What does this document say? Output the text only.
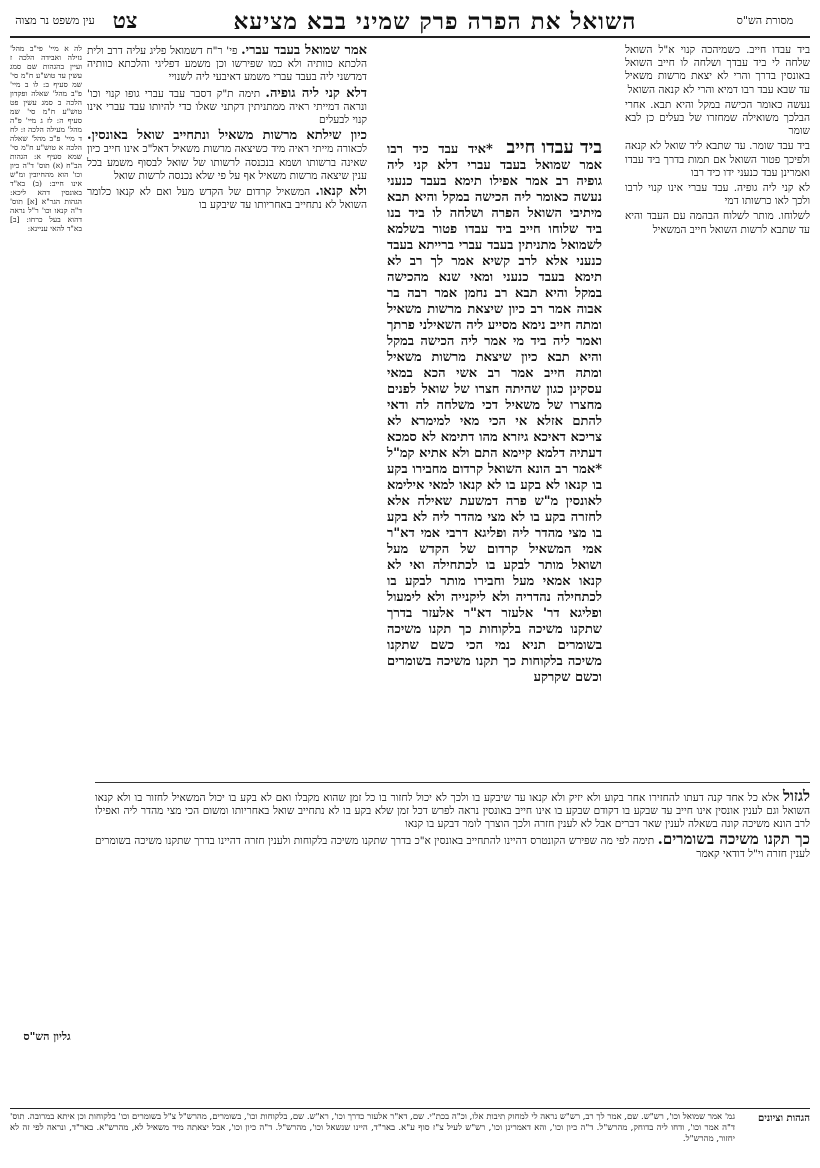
מסורת הש"ס
השואל את הפרה פרק שמיני בבא מציעא
צט
עין משפט נר מצוה

ביד עבדו חייב. כשמיהכה קנוי א"ל השואל שלחה לי ביד עבדך ושלחה לו חייב השואל באונסין בדרך והרי לא יצאת מרשות משאיל עד שבא עבד רבו דמיא והרי לא קנאה השואל

נעשה כאומר הכישה במקל והיא תבא. אחרי הבלכך משואילה שמחזרו של בעלים כן לבא שומר

ביד עבד שומר. עד שתבא ליד שואל לא קנאה ולפיכך פטור השואל אם תמות בדרך ביד עבדו ואמרינן עבד כנעני ידו כיד רבו

לא קני ליה גופיה. עבד עברי אינו קנוי לרבו ולכך לאו כרשותו דמי

לשלוחו. מותר לשלוח הבהמה עם העבד והיא עד שתבא לרשות השואל חייב המשאיל

ביד עבדו חייב *איד עבד כיד רבו אמר שמואל בעבד עברי דלא קני ליה גופיה רב אמר אפילו תימא בעבד כנעני נעשה כאומר ליה הכישה במקל והיא תבא מיתיבי השואל הפרה ושלחה לו ביד בנו ביד שלוחו חייב ביד עבדו פטור בשלמא לשמואל מתניתין בעבד עברי ברייתא בעבד כנעני אלא לרב קשיא אמר לך רב לא תימא בעבד כנעני ומאי שנא מהכישה במקל והיא תבא רב נחמן אמר רבה בר אבוה אמר רב כיון שיצאת מרשות משאיל ומתה חייב נימא מסייע ליה השאילני פרתך ואמר ליה ביד מי אמר ליה הכישה במקל והיא תבא כיון שיצאת מרשות משאיל ומתה חייב אמר רב אשי הכא במאי עסקינן כגון שהיתה חצרו של שואל לפנים מחצרו של משאיל דכי משלחה לה ודאי להתם אזלא אי הכי מאי למימרא לא צריכא דאיכא גיזרא מהו דתימא לא סמכא דעתיה דלמא קיימא התם ולא אתיא קמ"ל *אמר רב הונא השואל קרדום מחבירו בקע בו קנאו לא בקע בו לא קנאו למאי אילימא לאונסין מ"ש פרה דמשעת שאילה אלא לחזרה בקע בו לא מצי מהדר ליה לא בקע בו מצי מהדר ליה ופליגא דרבי אמי דא"ר אמי המשאיל קרדום של הקדש מעל ושואל מותר לבקע בו לכתחילה ואי לא קנאו אמאי מעל וחבירו מותר לבקע בו לכתחילה נהדריה ולא ליקנייה ולא לימעול ופליגא דר' אלעזר דא"ר אלעזר בדרך שתקנו משיכה בלקוחות כך תקנו משיכה בשומרים תניא נמי הכי כשם שתקנו משיכה בלקוחות כך תקנו משיכה בשומרים וכשם שקרקע

אמר שמואל בעבד עברי. פי' ר"ח דשמואל פליג עליה דרב ולית הלכתא כוותיה ולא כמו שפירשו וכן משמע דפליגי והלכתא כוותיה דמדשני ליה בעבד עברי משמע דאיבעי ליה לשנויי

דלא קני ליה גופיה. תימה ת"ק דסבר עבד עברי גופו קנוי וכו' ונראה דמייתי ראיה ממתניתין דקתני שאלו כדי להיותו עבד עברי אינו קנוי לבעלים

כיון שילתא מרשות משאיל ונתחייב שואל באונסין. לכאורה מייתי ראיה מיד כשיצאה מרשות משאיל דאל"כ אינו חייב כיון שאינה ברשותו ושמא בנכנסה לרשותו של שואל לבסוף משמע בכל ענין שיצאה מרשות משאיל אף על פי שלא נכנסה לרשות שואל

ולא קנאו. המשאיל קרדום של הקדש מעל ואם לא קנאו כלומר השואל לא נתחייב באחריותו עד שיבקע בו

לה א מיי' פי"ב מהל' גזילה ואבידה הלכה ז ועיין בהגהות שם סמג עשין עד טוש"ע ח"מ סי' שמ סעיף ב: לו ב מיי' פ"ב מהל' שאלה ופקדון הלכה ב סמג עשין פט טוש"ע ח"מ סי' שמ סעיף ה: לז ג מיי' פ"ה מהל' מעילה הלכה ז: לח ד מיי' פ"ב מהל' שאלה הלכה א טוש"ע ח"מ סי' שמא סעיף א: הגהות הב"ח (א) תוס' ד"ה כיון וכו' הוא מהחיובין ומ"ש אינו חייב: (ב) בא"ד באונסין דהא ליכא: הגהות הגר"א [א] תוס' ד"ה קנאו וכו' ר"ל נראה דהוא בעל כרחו: [ב] בא"ד להאי עניינא:

לגזול אלא כל אחד קנה דעתו להחזירו אחר בקוע ולא יזיק ולא קנאו עד שיבקע בו ולכך לא יכול לחזור בו כל זמן שהוא מקבלו ואם לא בקע בו יכול המשאיל לחזור בו ולא קנאו השואל וגם לענין אונסין אינו חייב עד שבקע בו דקודם שבקע בו אינו חייב באונסין נראה לפרש דכל זמן שלא בקע בו לא נתחייב שואל באחריותו ומשום הכי מצי מהדר ליה ואפילו לרב הונא משיכה קונה בשאלה לענין שאר דברים אבל לא לענין חזרה ולכך הוצרך לומר דבקע בו קנאו

כך תקנו משיכה בשומרים. תימה לפי מה שפירש הקונטרס דהיינו להתחייב באונסין א"כ בדרך שתקנו משיכה בלקוחות ולענין חזרה דהיינו בדרך שתקנו משיכה בשומרים לענין חזרה וי"ל דודאי קאמר

גליון הש"ס
הגהות וציונים
גמ' אמר שמואל וכו', רש"ש. שם, אמר לך רב, רש"ש נראה לי למחוק תיבות אלו, וכ"ה בכת"י. שם, דא"ר אלעזר כדרך וכו', רא"ש. שם, בלקוחות וכו', בשומרים, מהרש"ל צ"ל בשומרים וכו' בלקוחות וכן איתא במרובה. תוס' ד"ה אמר וכו', ודחו ליה בדוחק, מהרש"ל. ד"ה כיון וכו', והא דאמרינן וכו', רש"ש לעיל צ"ז סוף ע"א. באר"ד, היינו שנשאל וכו', מהרש"ל. ד"ה כיון וכו', אבל יצאתה מיד משאיל לא, מהרש"א. באר"ד, ונראה לפי זה לא יחזור, מהרש"ל.
